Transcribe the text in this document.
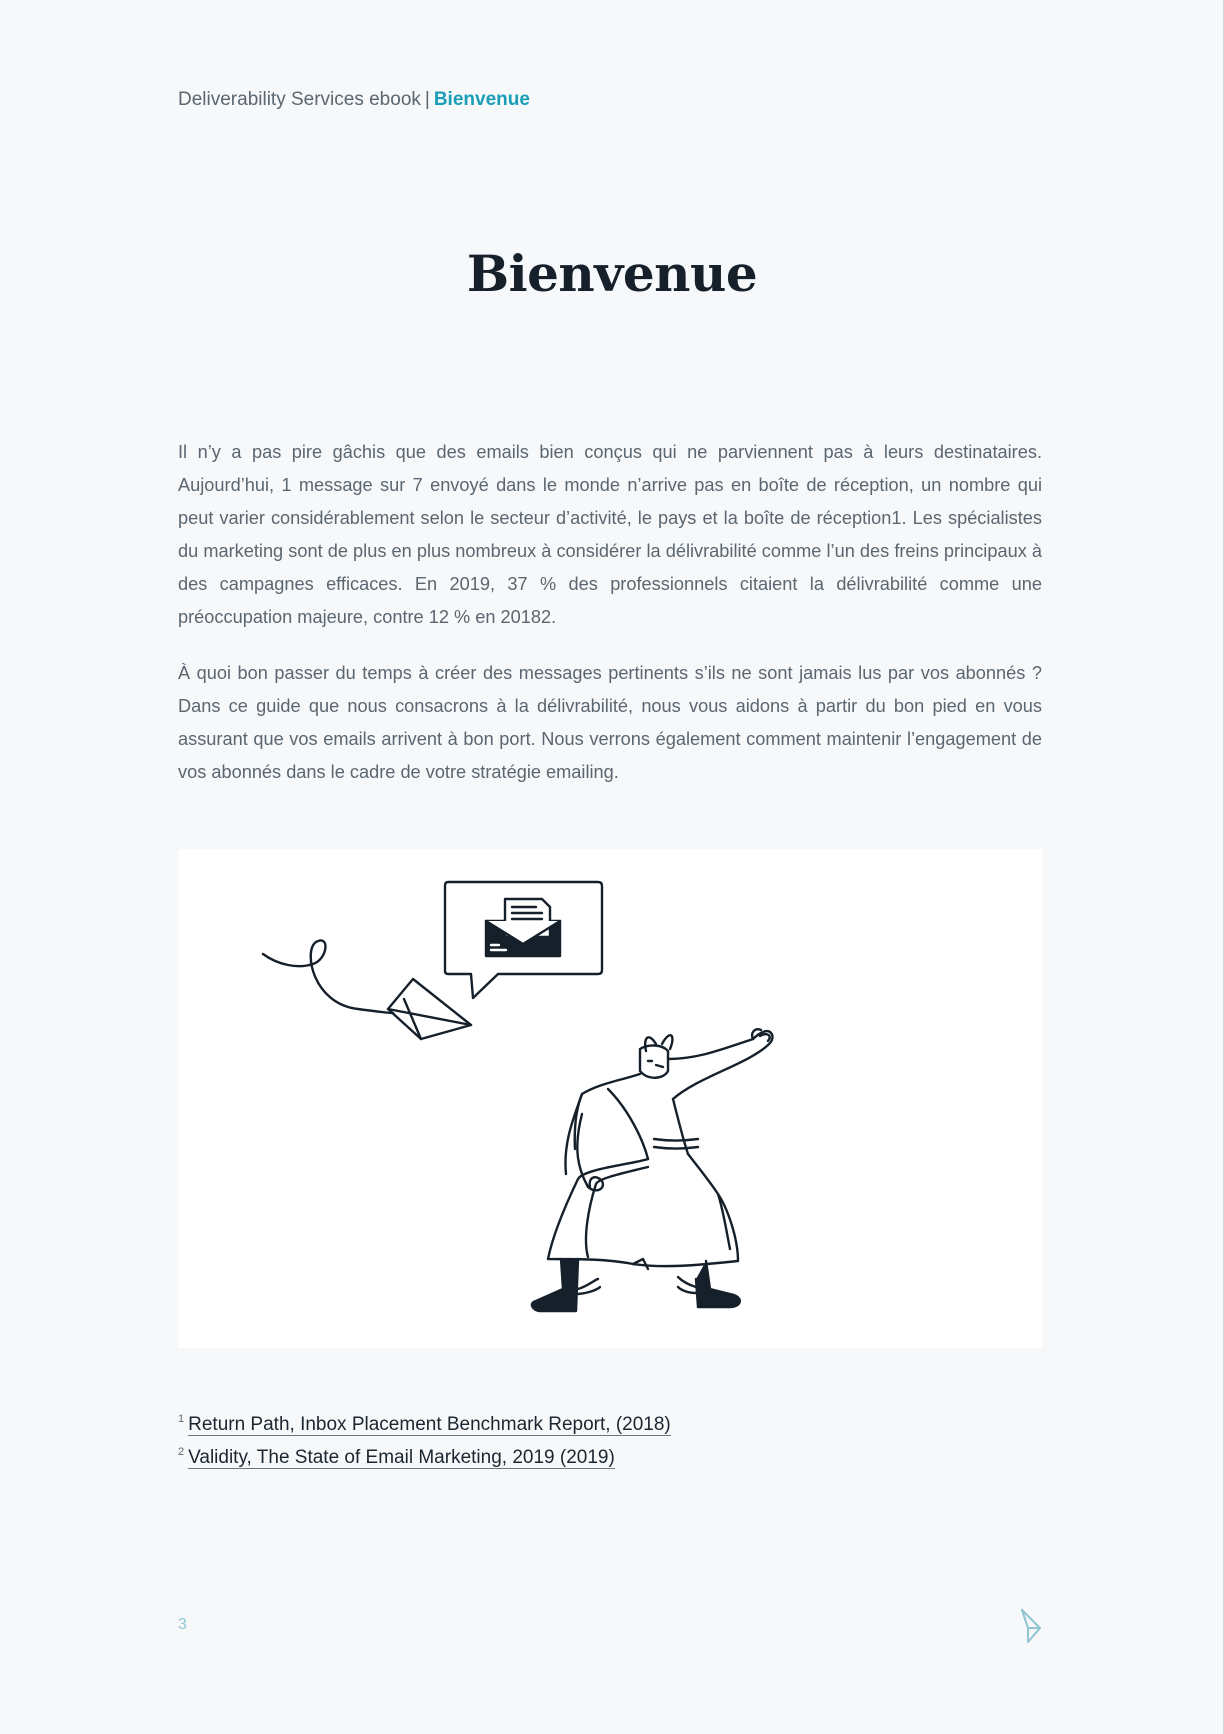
Deliverability Services ebook | Bienvenue
Bienvenue

Il n’y a pas pire gâchis que des emails bien conçus qui ne parviennent pas à leurs destinataires. Aujourd’hui, 1 message sur 7 envoyé dans le monde n’arrive pas en boîte de réception, un nombre qui peut varier considérablement selon le secteur d’activité, le pays et la boîte de réception1. Les spécialistes du marketing sont de plus en plus nombreux à considérer la délivrabilité comme l’un des freins principaux à des campagnes efficaces. En 2019, 37 % des professionnels citaient la délivrabilité comme une préoccupation majeure, contre 12 % en 20182.

À quoi bon passer du temps à créer des messages pertinents s’ils ne sont jamais lus par vos abonnés ? Dans ce guide que nous consacrons à la délivrabilité, nous vous aidons à partir du bon pied en vous assurant que vos emails arrivent à bon port. Nous verrons également comment maintenir l’engagement de vos abonnés dans le cadre de votre stratégie emailing.

$^1$ Return Path, Inbox Placement Benchmark Report, (2018)
$^2$ Validity, The State of Email Marketing, 2019 (2019)
3
